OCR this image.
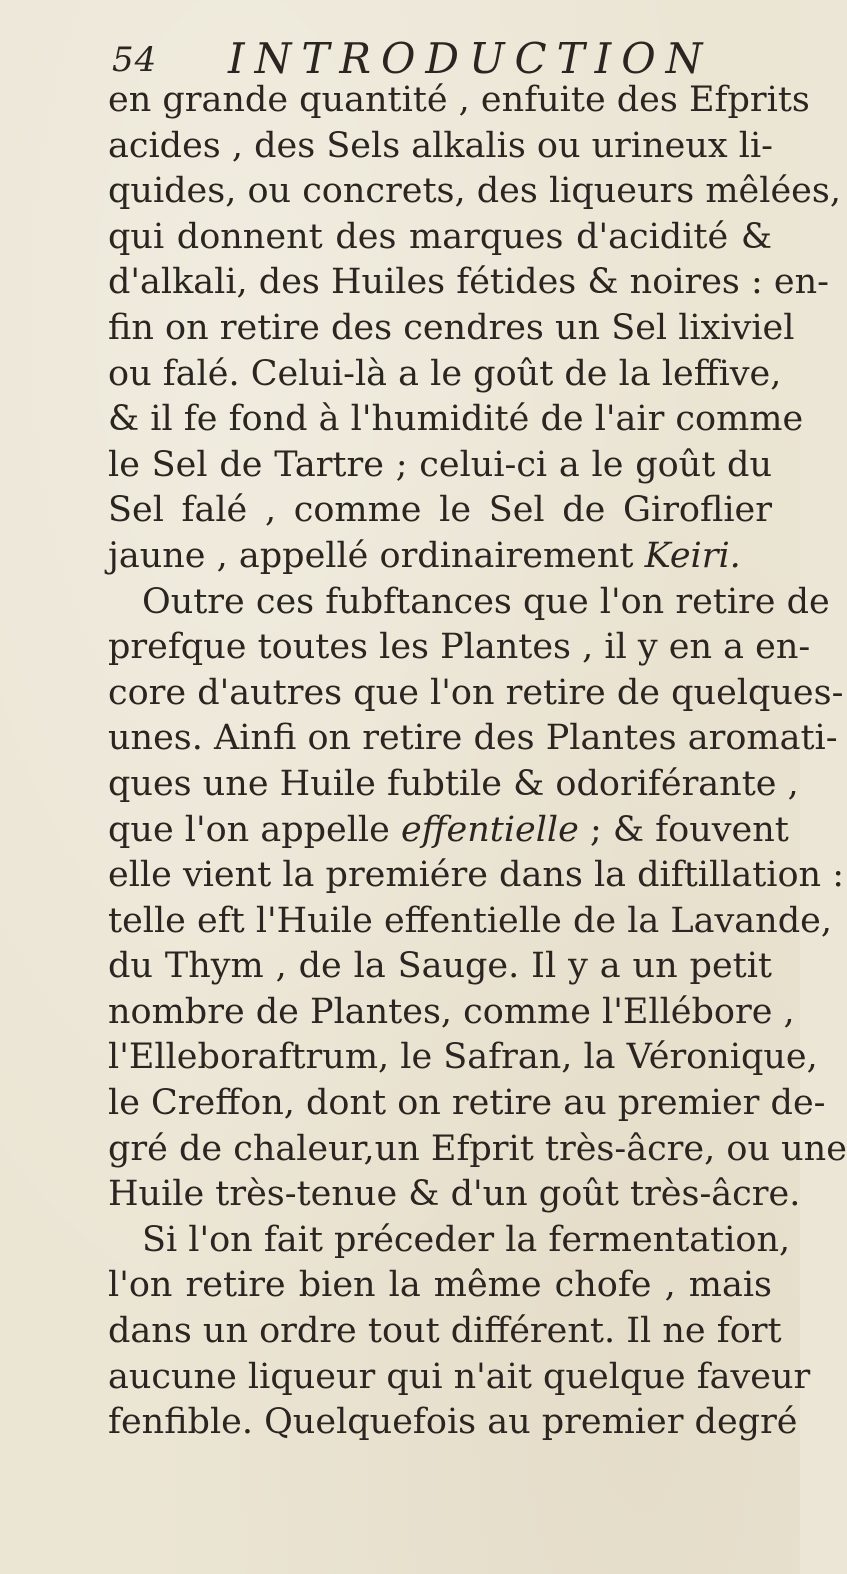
54 INTRODUCTION
en grande quantité , enfuite des Efprits
acides , des Sels alkalis ou urineux li-
quides, ou concrets, des liqueurs mêlées,
qui donnent des marques d'acidité &
d'alkali, des Huiles fétides & noires : en-
fin on retire des cendres un Sel lixiviel
ou falé. Celui-là a le goût de la leffive,
& il fe fond à l'humidité de l'air comme
le Sel de Tartre ; celui-ci a le goût du
Sel falé , comme le Sel de Giroflier
jaune , appellé ordinairement Keiri.
Outre ces fubftances que l'on retire de
prefque toutes les Plantes , il y en a en-
core d'autres que l'on retire de quelques-
unes. Ainfi on retire des Plantes aromati-
ques une Huile fubtile & odoriférante ,
que l'on appelle effentielle ; & fouvent
elle vient la premiére dans la diftillation :
telle eft l'Huile effentielle de la Lavande,
du Thym , de la Sauge. Il y a un petit
nombre de Plantes, comme l'Ellébore ,
l'Elleboraftrum, le Safran, la Véronique,
le Creffon, dont on retire au premier de-
gré de chaleur,un Efprit très-âcre, ou une
Huile très-tenue & d'un goût très-âcre.
Si l'on fait préceder la fermentation,
l'on retire bien la même chofe , mais
dans un ordre tout différent. Il ne fort
aucune liqueur qui n'ait quelque faveur
fenfible. Quelquefois au premier degré
